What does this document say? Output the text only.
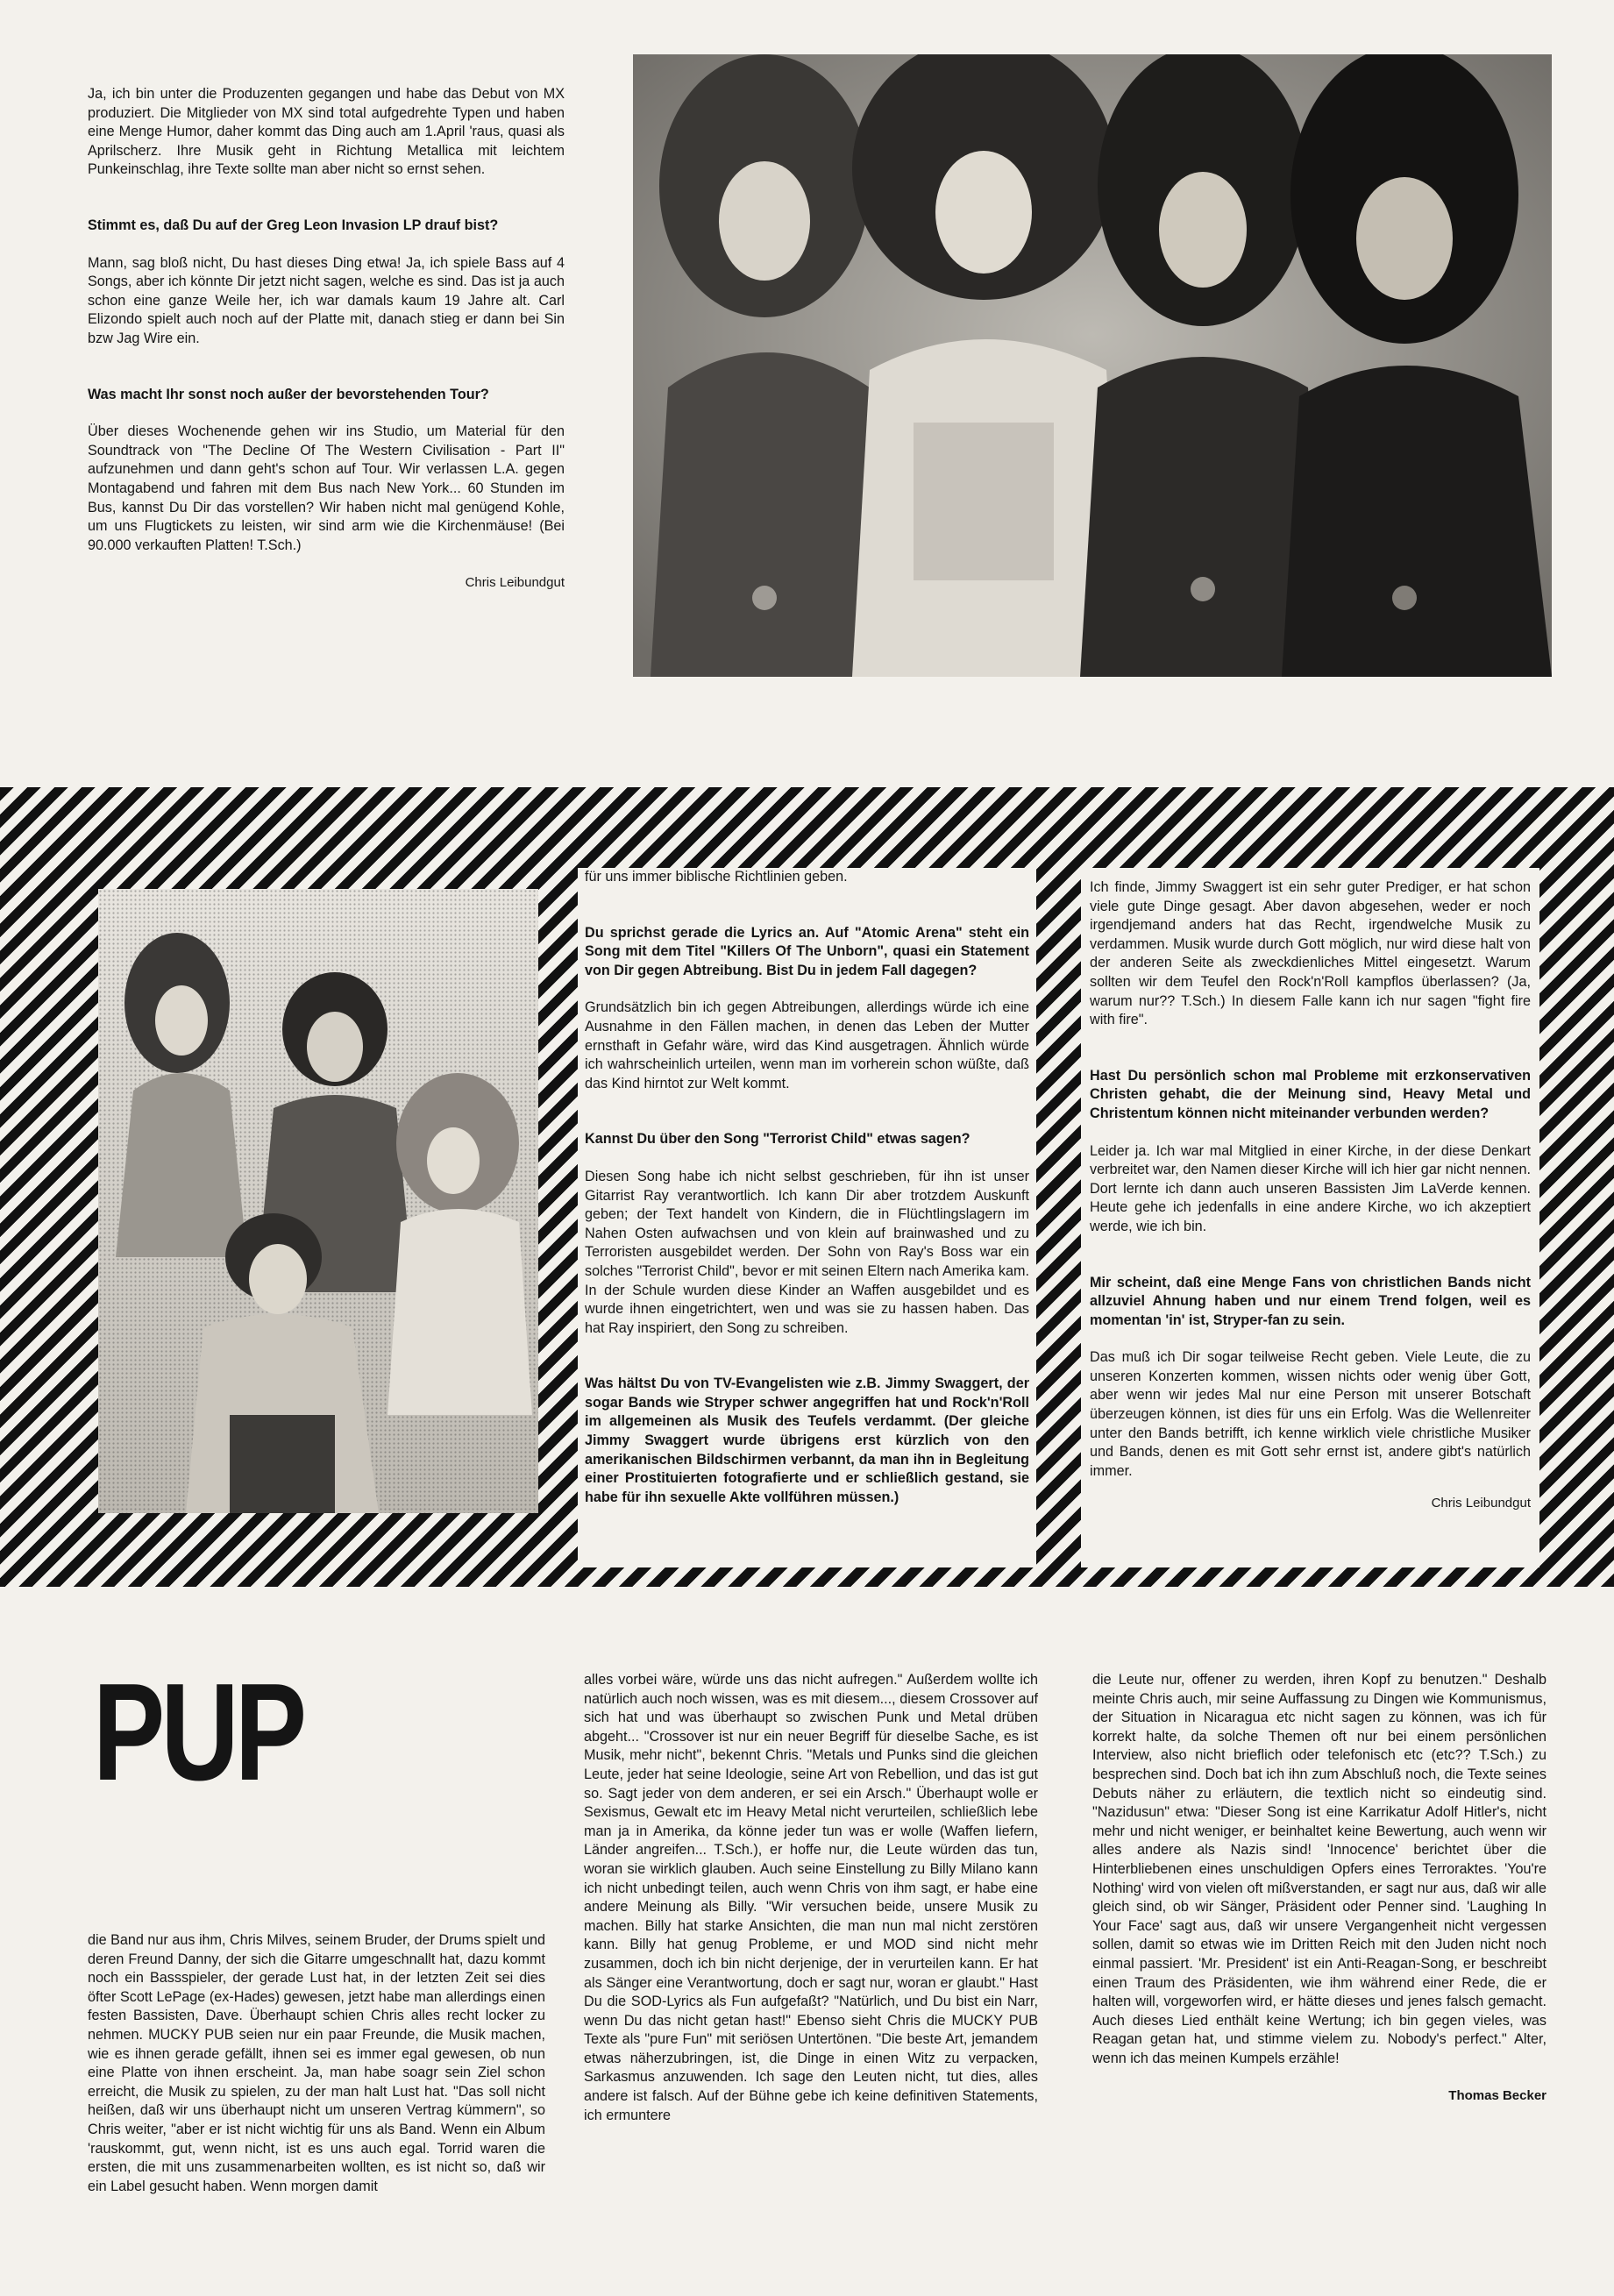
Ja, ich bin unter die Produzenten gegangen und habe das Debut von MX produziert. Die Mitglieder von MX sind total aufgedrehte Typen und haben eine Menge Humor, daher kommt das Ding auch am 1.April 'raus, quasi als Aprilscherz. Ihre Musik geht in Richtung Metallica mit leichtem Punkeinschlag, ihre Texte sollte man aber nicht so ernst sehen.

Stimmt es, daß Du auf der Greg Leon Invasion LP drauf bist?

Mann, sag bloß nicht, Du hast dieses Ding etwa! Ja, ich spiele Bass auf 4 Songs, aber ich könnte Dir jetzt nicht sagen, welche es sind. Das ist ja auch schon eine ganze Weile her, ich war damals kaum 19 Jahre alt. Carl Elizondo spielt auch noch auf der Platte mit, danach stieg er dann bei Sin bzw Jag Wire ein.

Was macht Ihr sonst noch außer der bevorstehenden Tour?

Über dieses Wochenende gehen wir ins Studio, um Material für den Soundtrack von "The Decline Of The Western Civilisation - Part II" aufzunehmen und dann geht's schon auf Tour. Wir verlassen L.A. gegen Montagabend und fahren mit dem Bus nach New York... 60 Stunden im Bus, kannst Du Dir das vorstellen? Wir haben nicht mal genügend Kohle, um uns Flugtickets zu leisten, wir sind arm wie die Kirchenmäuse! (Bei 90.000 verkauften Platten! T.Sch.)

Chris Leibundgut

für uns immer biblische Richtlinien geben.

Du sprichst gerade die Lyrics an. Auf "Atomic Arena" steht ein Song mit dem Titel "Killers Of The Unborn", quasi ein Statement von Dir gegen Abtreibung. Bist Du in jedem Fall dagegen?

Grundsätzlich bin ich gegen Abtreibungen, allerdings würde ich eine Ausnahme in den Fällen machen, in denen das Leben der Mutter ernsthaft in Gefahr wäre, wird das Kind ausgetragen. Ähnlich würde ich wahrscheinlich urteilen, wenn man im vorherein schon wüßte, daß das Kind hirntot zur Welt kommt.

Kannst Du über den Song "Terrorist Child" etwas sagen?

Diesen Song habe ich nicht selbst geschrieben, für ihn ist unser Gitarrist Ray verantwortlich. Ich kann Dir aber trotzdem Auskunft geben; der Text handelt von Kindern, die in Flüchtlingslagern im Nahen Osten aufwachsen und von klein auf brainwashed und zu Terroristen ausgebildet werden. Der Sohn von Ray's Boss war ein solches "Terrorist Child", bevor er mit seinen Eltern nach Amerika kam. In der Schule wurden diese Kinder an Waffen ausgebildet und es wurde ihnen eingetrichtert, wen und was sie zu hassen haben. Das hat Ray inspiriert, den Song zu schreiben.

Was hältst Du von TV-Evangelisten wie z.B. Jimmy Swaggert, der sogar Bands wie Stryper schwer angegriffen hat und Rock'n'Roll im allgemeinen als Musik des Teufels verdammt. (Der gleiche Jimmy Swaggert wurde übrigens erst kürzlich von den amerikanischen Bildschirmen verbannt, da man ihn in Begleitung einer Prostituierten fotografierte und er schließlich gestand, sie habe für ihn sexuelle Akte vollführen müssen.)

Ich finde, Jimmy Swaggert ist ein sehr guter Prediger, er hat schon viele gute Dinge gesagt. Aber davon abgesehen, weder er noch irgendjemand anders hat das Recht, irgendwelche Musik zu verdammen. Musik wurde durch Gott möglich, nur wird diese halt von der anderen Seite als zweckdienliches Mittel eingesetzt. Warum sollten wir dem Teufel den Rock'n'Roll kampflos überlassen? (Ja, warum nur?? T.Sch.) In diesem Falle kann ich nur sagen "fight fire with fire".

Hast Du persönlich schon mal Probleme mit erzkonservativen Christen gehabt, die der Meinung sind, Heavy Metal und Christentum können nicht miteinander verbunden werden?

Leider ja. Ich war mal Mitglied in einer Kirche, in der diese Denkart verbreitet war, den Namen dieser Kirche will ich hier gar nicht nennen. Dort lernte ich dann auch unseren Bassisten Jim LaVerde kennen. Heute gehe ich jedenfalls in eine andere Kirche, wo ich akzeptiert werde, wie ich bin.

Mir scheint, daß eine Menge Fans von christlichen Bands nicht allzuviel Ahnung haben und nur einem Trend folgen, weil es momentan 'in' ist, Stryper-fan zu sein.

Das muß ich Dir sogar teilweise Recht geben. Viele Leute, die zu unseren Konzerten kommen, wissen nichts oder wenig über Gott, aber wenn wir jedes Mal nur eine Person mit unserer Botschaft überzeugen können, ist dies für uns ein Erfolg. Was die Wellenreiter unter den Bands betrifft, ich kenne wirklich viele christliche Musiker und Bands, denen es mit Gott sehr ernst ist, andere gibt's natürlich immer.

Chris Leibundgut
PUP

die Band nur aus ihm, Chris Milves, seinem Bruder, der Drums spielt und deren Freund Danny, der sich die Gitarre umgeschnallt hat, dazu kommt noch ein Bassspieler, der gerade Lust hat, in der letzten Zeit sei dies öfter Scott LePage (ex-Hades) gewesen, jetzt habe man allerdings einen festen Bassisten, Dave. Überhaupt schien Chris alles recht locker zu nehmen. MUCKY PUB seien nur ein paar Freunde, die Musik machen, wie es ihnen gerade gefällt, ihnen sei es immer egal gewesen, ob nun eine Platte von ihnen erscheint. Ja, man habe soagr sein Ziel schon erreicht, die Musik zu spielen, zu der man halt Lust hat. "Das soll nicht heißen, daß wir uns überhaupt nicht um unseren Vertrag kümmern", so Chris weiter, "aber er ist nicht wichtig für uns als Band. Wenn ein Album 'rauskommt, gut, wenn nicht, ist es uns auch egal. Torrid waren die ersten, die mit uns zusammenarbeiten wollten, es ist nicht so, daß wir ein Label gesucht haben. Wenn morgen damit

alles vorbei wäre, würde uns das nicht aufregen." Außerdem wollte ich natürlich auch noch wissen, was es mit diesem..., diesem Crossover auf sich hat und was überhaupt so zwischen Punk und Metal drüben abgeht... "Crossover ist nur ein neuer Begriff für dieselbe Sache, es ist Musik, mehr nicht", bekennt Chris. "Metals und Punks sind die gleichen Leute, jeder hat seine Ideologie, seine Art von Rebellion, und das ist gut so. Sagt jeder von dem anderen, er sei ein Arsch." Überhaupt wolle er Sexismus, Gewalt etc im Heavy Metal nicht verurteilen, schließlich lebe man ja in Amerika, da könne jeder tun was er wolle (Waffen liefern, Länder angreifen... T.Sch.), er hoffe nur, die Leute würden das tun, woran sie wirklich glauben. Auch seine Einstellung zu Billy Milano kann ich nicht unbedingt teilen, auch wenn Chris von ihm sagt, er habe eine andere Meinung als Billy. "Wir versuchen beide, unsere Musik zu machen. Billy hat starke Ansichten, die man nun mal nicht zerstören kann. Billy hat genug Probleme, er und MOD sind nicht mehr zusammen, doch ich bin nicht derjenige, der in verurteilen kann. Er hat als Sänger eine Verantwortung, doch er sagt nur, woran er glaubt." Hast Du die SOD-Lyrics als Fun aufgefaßt? "Natürlich, und Du bist ein Narr, wenn Du das nicht getan hast!" Ebenso sieht Chris die MUCKY PUB Texte als "pure Fun" mit seriösen Untertönen. "Die beste Art, jemandem etwas näherzubringen, ist, die Dinge in einen Witz zu verpacken, Sarkasmus anzuwenden. Ich sage den Leuten nicht, tut dies, alles andere ist falsch. Auf der Bühne gebe ich keine definitiven Statements, ich ermuntere

die Leute nur, offener zu werden, ihren Kopf zu benutzen." Deshalb meinte Chris auch, mir seine Auffassung zu Dingen wie Kommunismus, der Situation in Nicaragua etc nicht sagen zu können, was ich für korrekt halte, da solche Themen oft nur bei einem persönlichen Interview, also nicht brieflich oder telefonisch etc (etc?? T.Sch.) zu besprechen sind. Doch bat ich ihn zum Abschluß noch, die Texte seines Debuts näher zu erläutern, die textlich nicht so eindeutig sind. "Nazidusun" etwa: "Dieser Song ist eine Karrikatur Adolf Hitler's, nicht mehr und nicht weniger, er beinhaltet keine Bewertung, auch wenn wir alles andere als Nazis sind! 'Innocence' berichtet über die Hinterbliebenen eines unschuldigen Opfers eines Terroraktes. 'You're Nothing' wird von vielen oft mißverstanden, er sagt nur aus, daß wir alle gleich sind, ob wir Sänger, Präsident oder Penner sind. 'Laughing In Your Face' sagt aus, daß wir unsere Vergangenheit nicht vergessen sollen, damit so etwas wie im Dritten Reich mit den Juden nicht noch einmal passiert. 'Mr. President' ist ein Anti-Reagan-Song, er beschreibt einen Traum des Präsidenten, wie ihm während einer Rede, die er halten will, vorgeworfen wird, er hätte dieses und jenes falsch gemacht. Auch dieses Lied enthält keine Wertung; ich bin gegen vieles, was Reagan getan hat, und stimme vielem zu. Nobody's perfect." Alter, wenn ich das meinen Kumpels erzähle!

Thomas Becker
